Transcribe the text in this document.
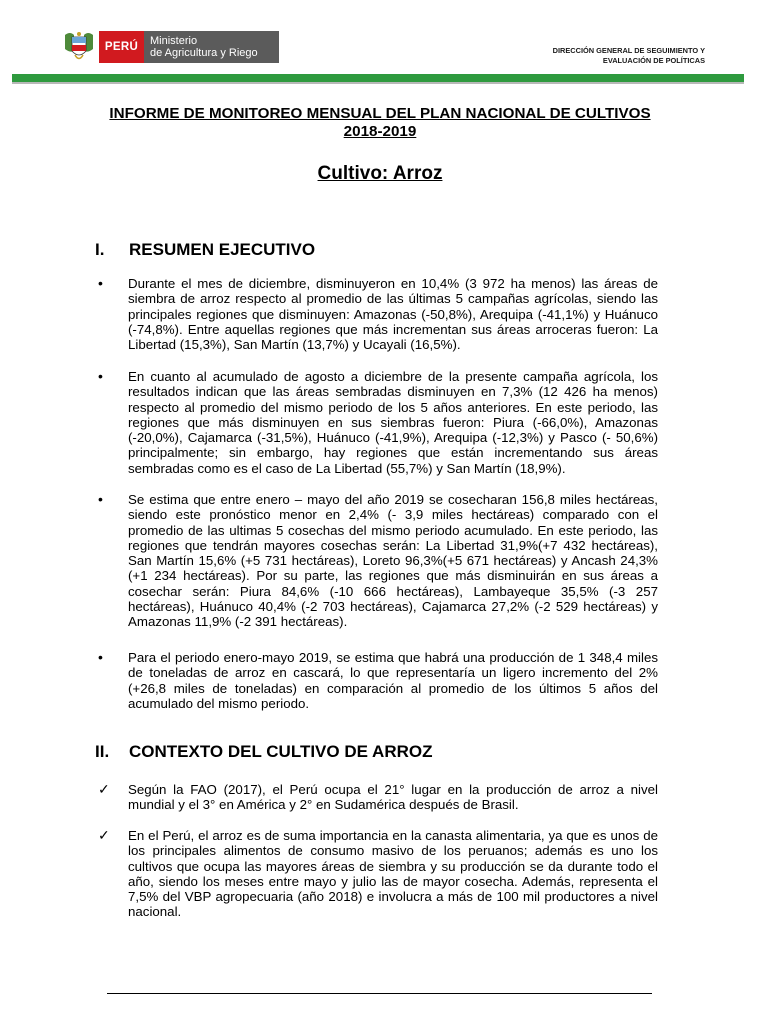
PERÚ	Ministerio
de Agricultura y Riego	DIRECCIÓN GENERAL DE SEGUIMIENTO Y
EVALUACIÓN DE POLÍTICAS
INFORME DE MONITOREO MENSUAL DEL PLAN NACIONAL DE CULTIVOS 2018-2019
Cultivo: Arroz
I. RESUMEN EJECUTIVO
• Durante el mes de diciembre, disminuyeron en 10,4% (3 972 ha menos) las áreas de siembra de arroz respecto al promedio de las últimas 5 campañas agrícolas, siendo las principales regiones que disminuyen: Amazonas (-50,8%), Arequipa (-41,1%) y Huánuco (-74,8%). Entre aquellas regiones que más incrementan sus áreas arroceras fueron: La Libertad (15,3%), San Martín (13,7%) y Ucayali (16,5%).
• En cuanto al acumulado de agosto a diciembre de la presente campaña agrícola, los resultados indican que las áreas sembradas disminuyen en 7,3% (12 426 ha menos) respecto al promedio del mismo periodo de los 5 años anteriores. En este periodo, las regiones que más disminuyen en sus siembras fueron: Piura (-66,0%), Amazonas (-20,0%), Cajamarca (-31,5%), Huánuco (-41,9%), Arequipa (-12,3%) y Pasco (- 50,6%) principalmente; sin embargo, hay regiones que están incrementando sus áreas sembradas como es el caso de La Libertad (55,7%) y San Martín (18,9%).
• Se estima que entre enero – mayo del año 2019 se cosecharan 156,8 miles hectáreas, siendo este pronóstico menor en 2,4% (- 3,9 miles hectáreas) comparado con el promedio de las ultimas 5 cosechas del mismo periodo acumulado. En este periodo, las regiones que tendrán mayores cosechas serán: La Libertad 31,9%(+7 432 hectáreas), San Martín 15,6% (+5 731 hectáreas), Loreto 96,3%(+5 671 hectáreas) y Ancash 24,3% (+1 234 hectáreas). Por su parte, las regiones que más disminuirán en sus áreas a cosechar serán: Piura 84,6% (-10 666 hectáreas), Lambayeque 35,5% (-3 257 hectáreas), Huánuco 40,4% (-2 703 hectáreas), Cajamarca 27,2% (-2 529 hectáreas) y Amazonas 11,9% (-2 391 hectáreas).
• Para el periodo enero-mayo 2019, se estima que habrá una producción de 1 348,4 miles de toneladas de arroz en cascará, lo que representaría un ligero incremento del 2% (+26,8 miles de toneladas) en comparación al promedio de los últimos 5 años del acumulado del mismo periodo.
II. CONTEXTO DEL CULTIVO DE ARROZ
✓ Según la FAO (2017), el Perú ocupa el 21° lugar en la producción de arroz a nivel mundial y el 3° en América y 2° en Sudamérica después de Brasil.
✓ En el Perú, el arroz es de suma importancia en la canasta alimentaria, ya que es unos de los principales alimentos de consumo masivo de los peruanos; además es uno los cultivos que ocupa las mayores áreas de siembra y su producción se da durante todo el año, siendo los meses entre mayo y julio las de mayor cosecha. Además, representa el 7,5% del VBP agropecuaria (año 2018) e involucra a más de 100 mil productores a nivel nacional.
